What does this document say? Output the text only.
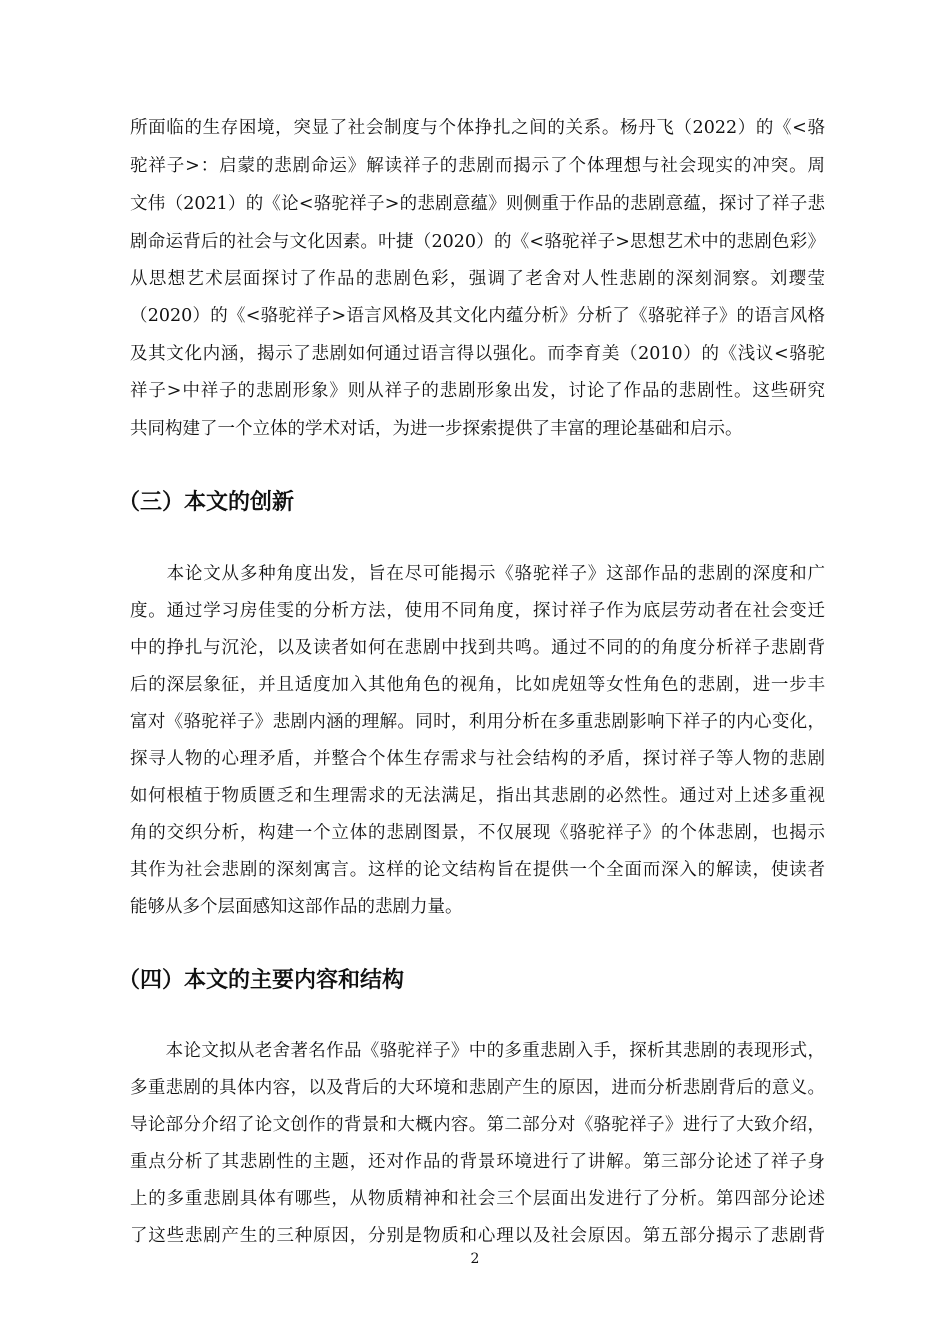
所面临的生存困境，突显了社会制度与个体挣扎之间的关系。杨丹飞（2022）的《<骆
驼祥子>：启蒙的悲剧命运》解读祥子的悲剧而揭示了个体理想与社会现实的冲突。周
文伟（2021）的《论<骆驼祥子>的悲剧意蕴》则侧重于作品的悲剧意蕴，探讨了祥子悲
剧命运背后的社会与文化因素。叶捷（2020）的《<骆驼祥子>思想艺术中的悲剧色彩》
从思想艺术层面探讨了作品的悲剧色彩，强调了老舍对人性悲剧的深刻洞察。刘璎莹
（2020）的《<骆驼祥子>语言风格及其文化内蕴分析》分析了《骆驼祥子》的语言风格
及其文化内涵，揭示了悲剧如何通过语言得以强化。而李育美（2010）的《浅议<骆驼
祥子>中祥子的悲剧形象》则从祥子的悲剧形象出发，讨论了作品的悲剧性。这些研究
共同构建了一个立体的学术对话，为进一步探索提供了丰富的理论基础和启示。
（三）本文的创新
　　本论文从多种角度出发，旨在尽可能揭示《骆驼祥子》这部作品的悲剧的深度和广
度。通过学习房佳雯的分析方法，使用不同角度，探讨祥子作为底层劳动者在社会变迁
中的挣扎与沉沦，以及读者如何在悲剧中找到共鸣。通过不同的的角度分析祥子悲剧背
后的深层象征，并且适度加入其他角色的视角，比如虎妞等女性角色的悲剧，进一步丰
富对《骆驼祥子》悲剧内涵的理解。同时，利用分析在多重悲剧影响下祥子的内心变化，
探寻人物的心理矛盾，并整合个体生存需求与社会结构的矛盾，探讨祥子等人物的悲剧
如何根植于物质匮乏和生理需求的无法满足，指出其悲剧的必然性。通过对上述多重视
角的交织分析，构建一个立体的悲剧图景，不仅展现《骆驼祥子》的个体悲剧，也揭示
其作为社会悲剧的深刻寓言。这样的论文结构旨在提供一个全面而深入的解读，使读者
能够从多个层面感知这部作品的悲剧力量。
（四）本文的主要内容和结构
　　本论文拟从老舍著名作品《骆驼祥子》中的多重悲剧入手，探析其悲剧的表现形式，
多重悲剧的具体内容，以及背后的大环境和悲剧产生的原因，进而分析悲剧背后的意义。
导论部分介绍了论文创作的背景和大概内容。第二部分对《骆驼祥子》进行了大致介绍，
重点分析了其悲剧性的主题，还对作品的背景环境进行了讲解。第三部分论述了祥子身
上的多重悲剧具体有哪些，从物质精神和社会三个层面出发进行了分析。第四部分论述
了这些悲剧产生的三种原因，分别是物质和心理以及社会原因。第五部分揭示了悲剧背
2
